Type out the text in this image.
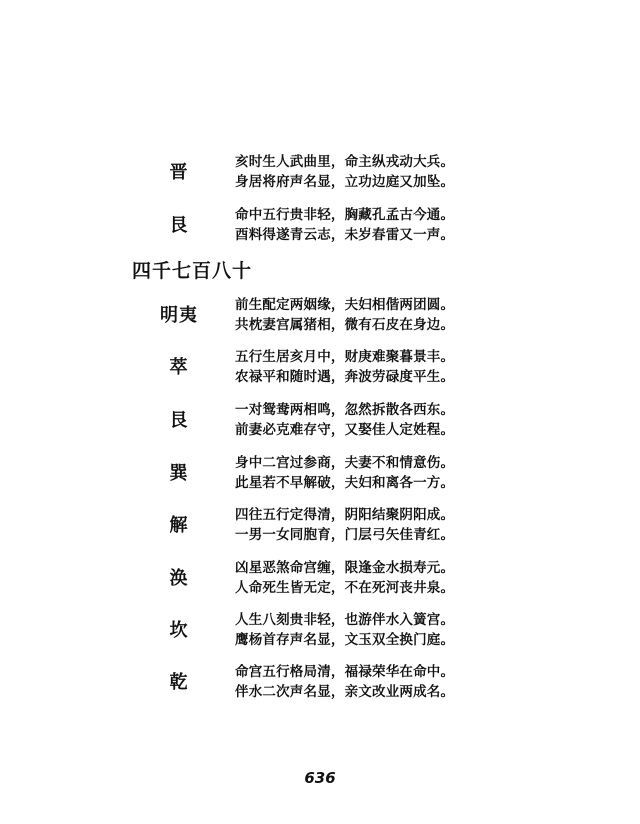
晋	亥时生人武曲里，命主纵戎动大兵。
身居将府声名显，立功边庭又加坠。
艮	命中五行贵非轻，胸藏孔孟古今通。
酉料得遂青云志，未岁春雷又一声。
四千七百八十
明夷	前生配定两姻缘，夫妇相偕两团圆。
共枕妻宫属猪相，微有石皮在身边。
萃	五行生居亥月中，财庚难聚暮景丰。
农禄平和随时遇，奔波劳碌度平生。
艮	一对鸳鸯两相鸣，忽然拆散各西东。
前妻必克难存守，又娶佳人定姓程。
巽	身中二宫过参商，夫妻不和情意伤。
此星若不早解破，夫妇和离各一方。
解	四往五行定得清，阴阳结聚阴阳成。
一男一女同胞育，门层弓矢佳青红。
涣	凶星恶煞命宫缠，限逢金水损寿元。
人命死生皆无定，不在死河丧井泉。
坎	人生八刻贵非轻，也游伴水入簧宫。
鹰杨首存声名显，文玉双全换门庭。
乾	命宫五行格局清，福禄荣华在命中。
伴水二次声名显，亲文改业两成名。
636
